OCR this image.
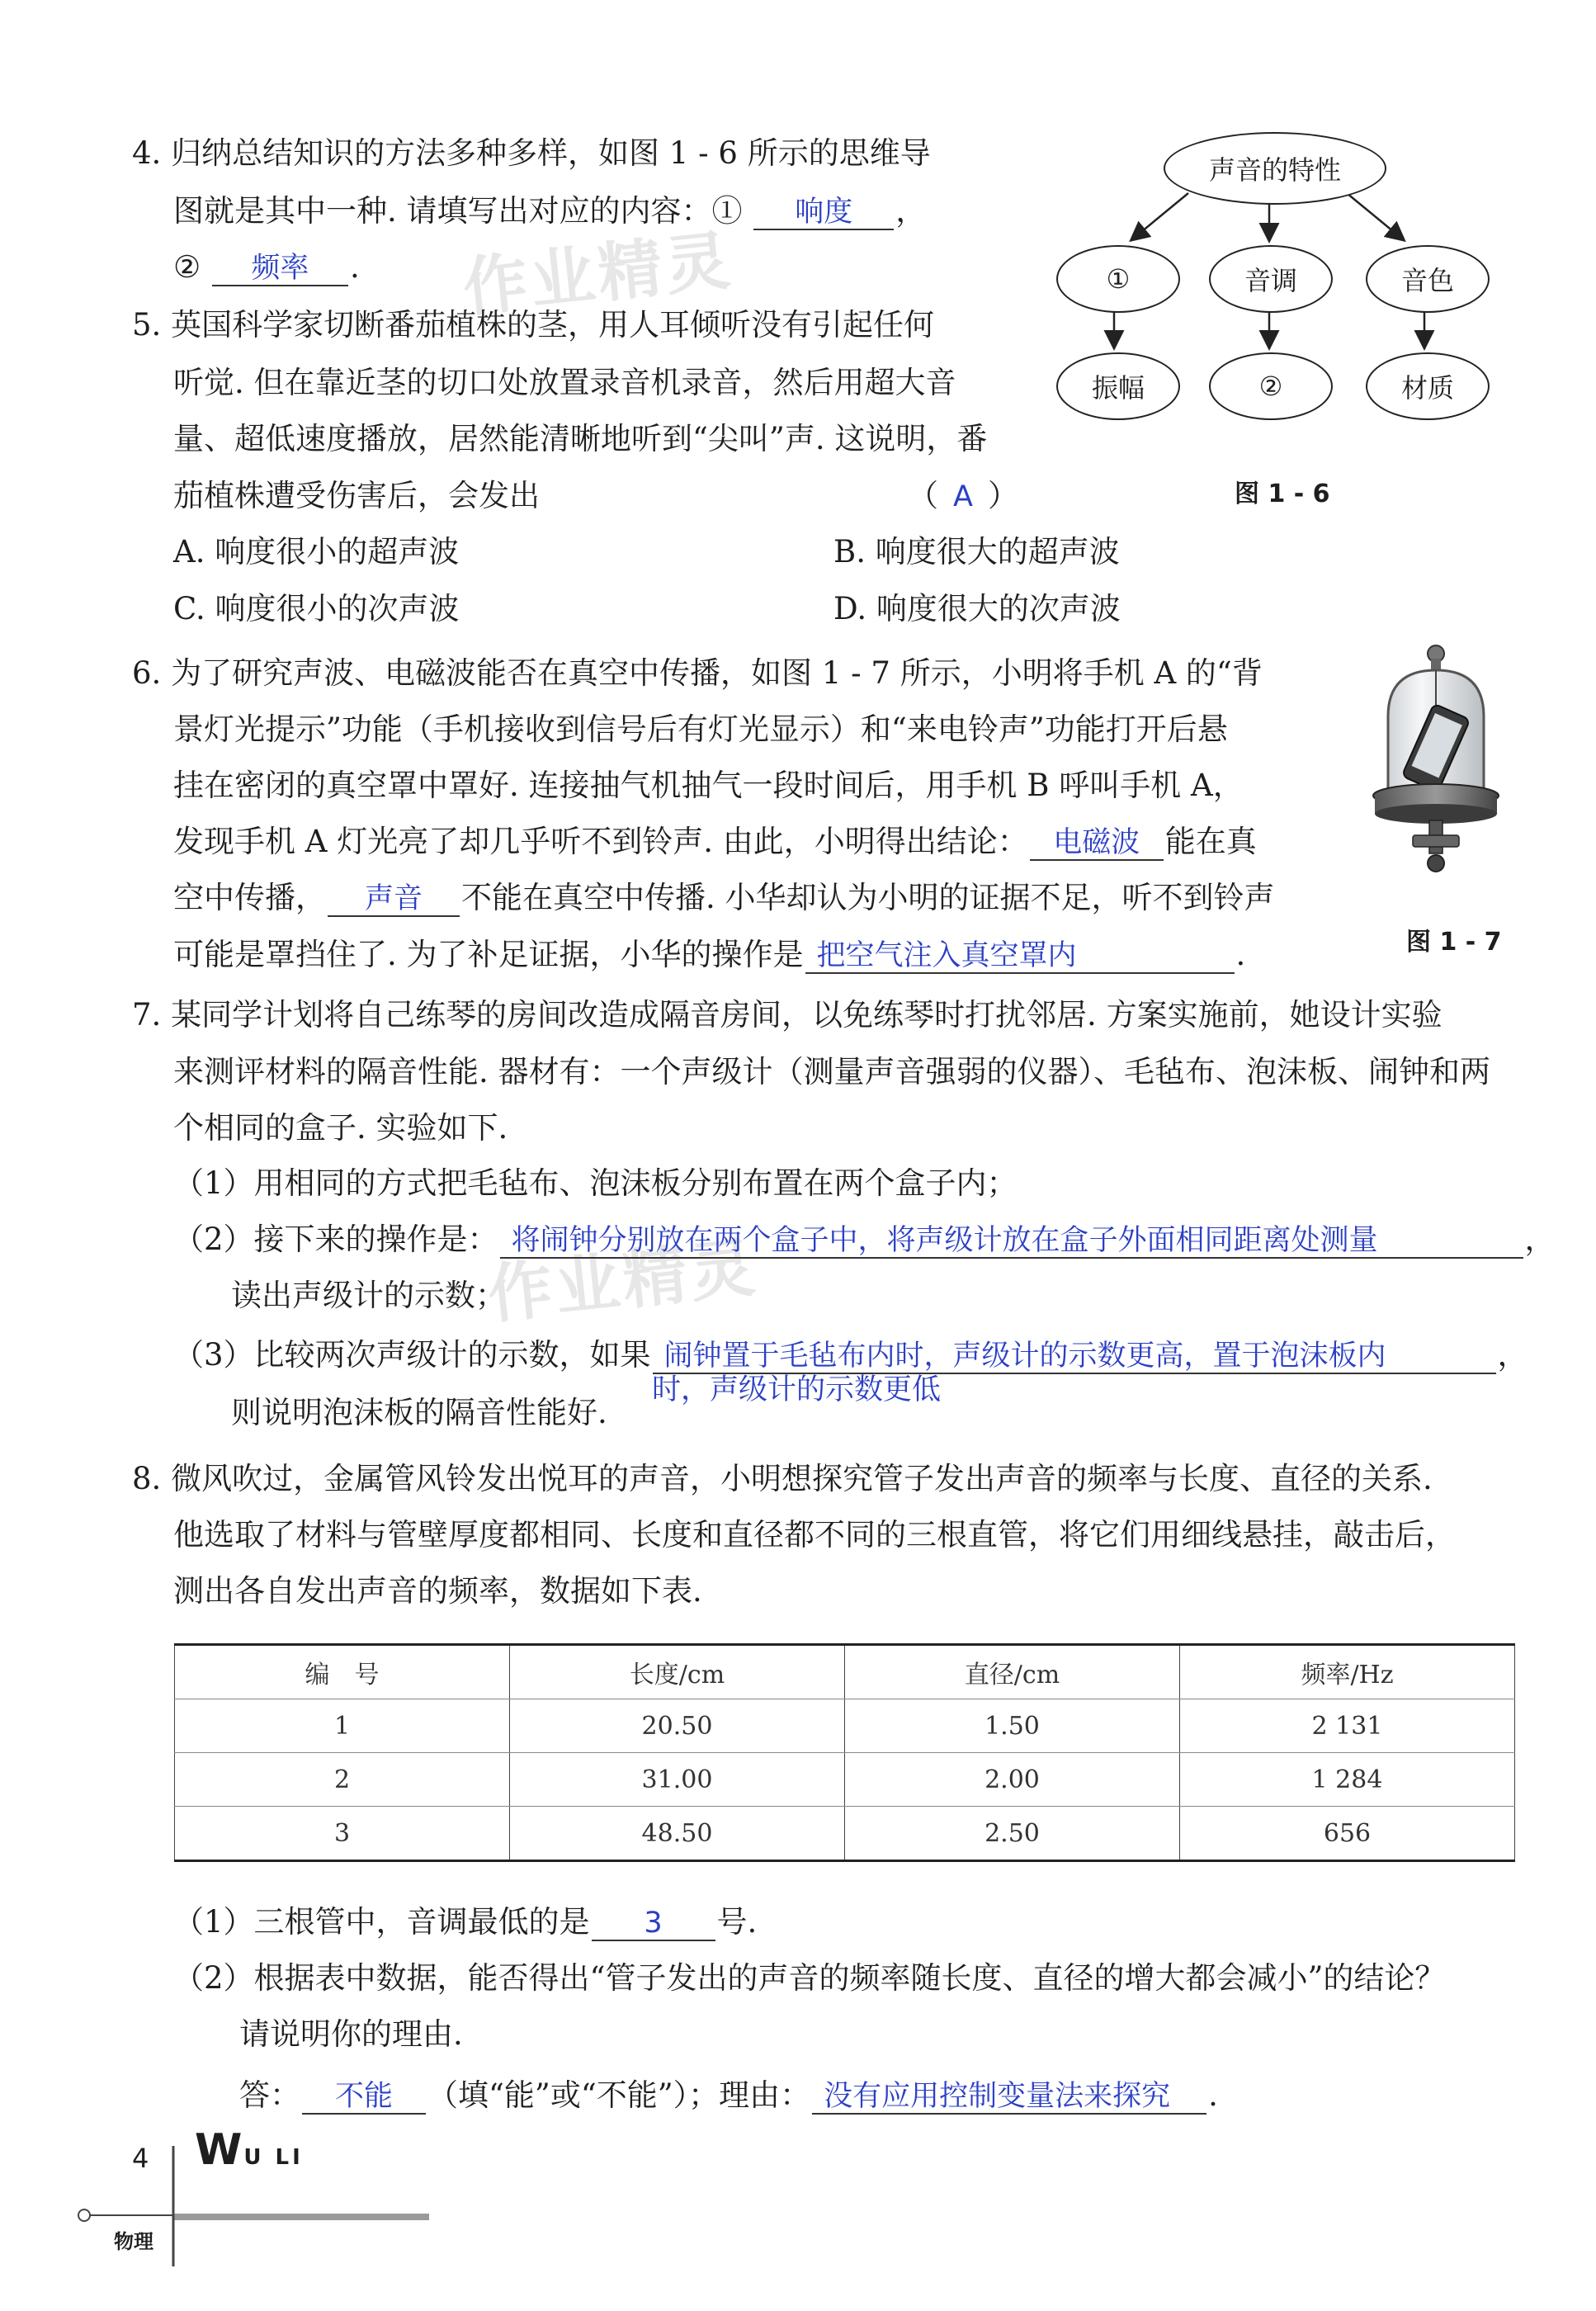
作业精灵
作业精灵
4. 归纳总结知识的方法多种多样，如图 1 - 6 所示的思维导
图就是其中一种. 请填写出对应的内容：① 响度 ，
② 频率 .
声音的特性
①	音调	音色
振幅	②	材质
图 1 - 6
5. 英国科学家切断番茄植株的茎，用人耳倾听没有引起任何
听觉. 但在靠近茎的切口处放置录音机录音，然后用超大音
量、超低速度播放，居然能清晰地听到“尖叫”声. 这说明，番
茄植株遭受伤害后，会发出	（ A ）
A. 响度很小的超声波	B. 响度很大的超声波
C. 响度很小的次声波	D. 响度很大的次声波
6. 为了研究声波、电磁波能否在真空中传播，如图 1 - 7 所示，小明将手机 A 的“背
景灯光提示”功能（手机接收到信号后有灯光显示）和“来电铃声”功能打开后悬
挂在密闭的真空罩中罩好. 连接抽气机抽气一段时间后，用手机 B 呼叫手机 A，
发现手机 A 灯光亮了却几乎听不到铃声. 由此，小明得出结论： 电磁波 能在真
空中传播， 声音 不能在真空中传播. 小华却认为小明的证据不足，听不到铃声
可能是罩挡住了. 为了补足证据，小华的操作是 把空气注入真空罩内	.	图 1 - 7
7. 某同学计划将自己练琴的房间改造成隔音房间，以免练琴时打扰邻居. 方案实施前，她设计实验
来测评材料的隔音性能. 器材有：一个声级计（测量声音强弱的仪器）、毛毡布、泡沫板、闹钟和两
个相同的盒子. 实验如下.
（1）用相同的方式把毛毡布、泡沫板分别布置在两个盒子内；
（2）接下来的操作是： 将闹钟分别放在两个盒子中，将声级计放在盒子外面相同距离处测量	，
读出声级计的示数；
（3）比较两次声级计的示数，如果 闹钟置于毛毡布内时，声级计的示数更高，置于泡沫板内	，
时，声级计的示数更低
则说明泡沫板的隔音性能好.
8. 微风吹过，金属管风铃发出悦耳的声音，小明想探究管子发出声音的频率与长度、直径的关系.
他选取了材料与管壁厚度都相同、长度和直径都不同的三根直管，将它们用细线悬挂，敲击后，
测出各自发出声音的频率，数据如下表.
编　号	长度/cm	直径/cm	频率/Hz
1	20.50	1.50	2 131
2	31.00	2.00	1 284
3	48.50	2.50	656
（1）三根管中，音调最低的是 3 号.
（2）根据表中数据，能否得出“管子发出的声音的频率随长度、直径的增大都会减小”的结论？
请说明你的理由.
答： 不能 （填“能”或“不能”）；理由： 没有应用控制变量法来探究 .
4 WU LI
物理
